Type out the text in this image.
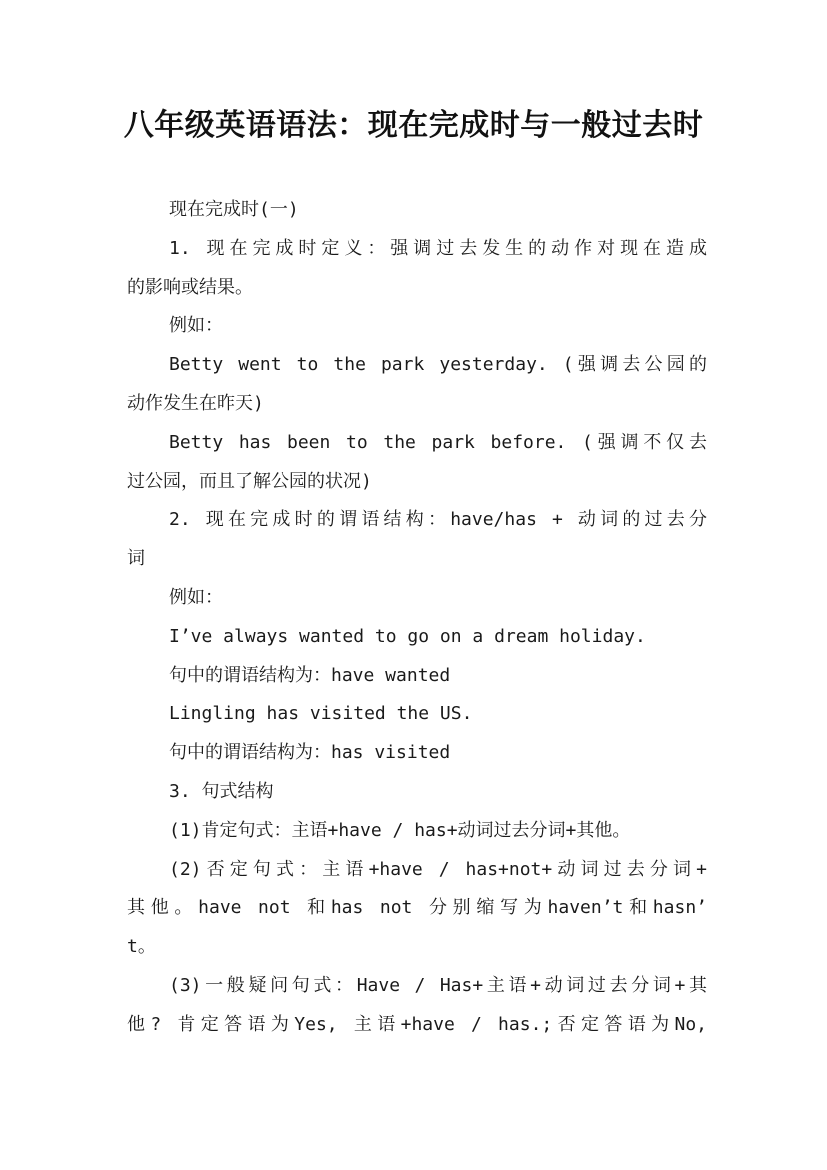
八年级英语语法：现在完成时与一般过去时
现在完成时(一)
1. 现在完成时定义：强调过去发生的动作对现在造成
的影响或结果。
例如：
Betty went to the park yesterday. (强调去公园的
动作发生在昨天)
Betty has been to the park before. (强调不仅去
过公园，而且了解公园的状况)
2. 现在完成时的谓语结构：have/has + 动词的过去分
词
例如：
I’ve always wanted to go on a dream holiday.
句中的谓语结构为：have wanted
Lingling has visited the US.
句中的谓语结构为：has visited
3. 句式结构
(1)肯定句式：主语+have / has+动词过去分词+其他。
(2)否定句式：主语+have / has+not+动词过去分词+
其他。have not 和has not 分别缩写为haven’t和hasn’
t。
(3)一般疑问句式：Have / Has+主语+动词过去分词+其
他? 肯定答语为Yes, 主语+have / has.;否定答语为No,
